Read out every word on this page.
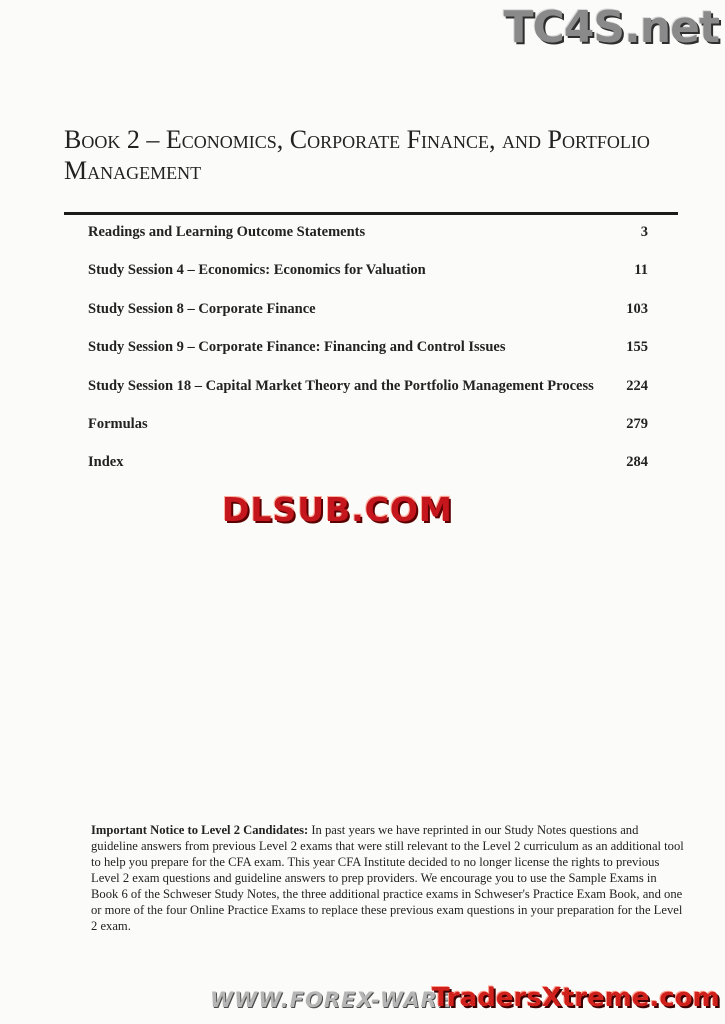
TC4S.net
Book 2 – Economics, Corporate Finance, and Portfolio Management
Readings and Learning Outcome Statements	3
Study Session 4 – Economics: Economics for Valuation	11
Study Session 8 – Corporate Finance	103
Study Session 9 – Corporate Finance: Financing and Control Issues	155
Study Session 18 – Capital Market Theory and the Portfolio Management Process 224
Formulas	279
Index	284
DLSUB.COM

Important Notice to Level 2 Candidates: In past years we have reprinted in our Study Notes questions and guideline answers from previous Level 2 exams that were still relevant to the Level 2 curriculum as an additional tool to help you prepare for the CFA exam. This year CFA Institute decided to no longer license the rights to previous Level 2 exam questions and guideline answers to prep providers. We encourage you to use the Sample Exams in Book 6 of the Schweser Study Notes, the three additional practice exams in Schweser's Practice Exam Book, and one or more of the four Online Practice Exams to replace these previous exam questions in your preparation for the Level 2 exam.

WWW.FOREX-WARE
TradersXtreme.com
